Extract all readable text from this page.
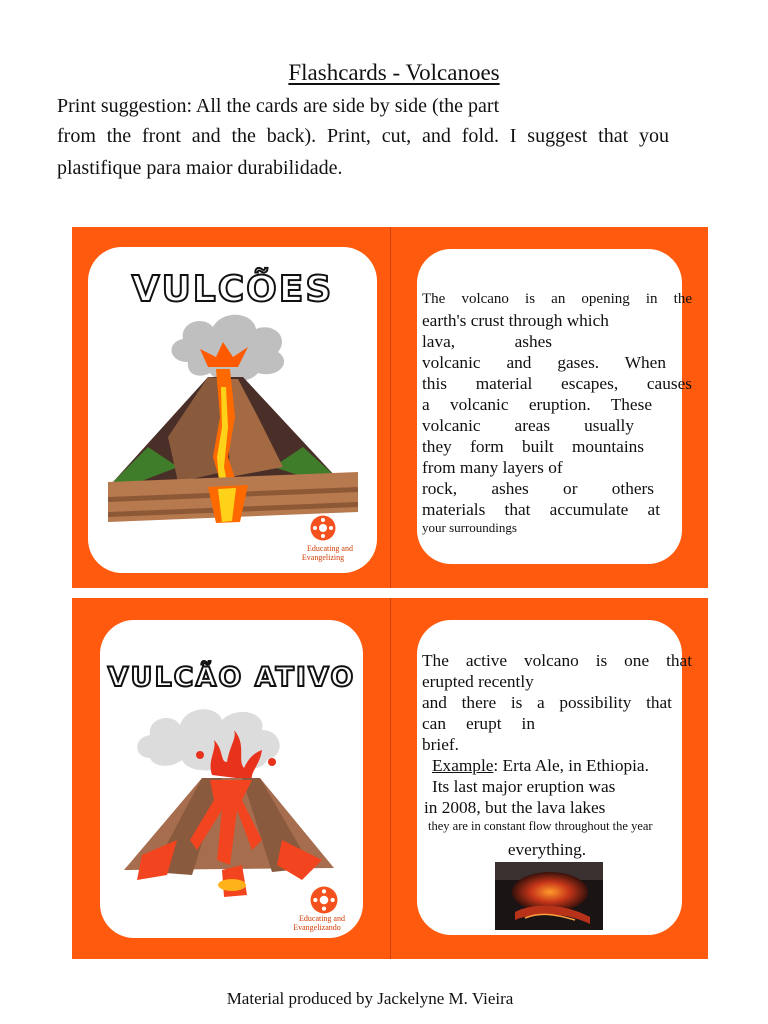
Flashcards - Volcanoes
Print suggestion: All the cards are side by side (the part
from the front and the back). Print, cut, and fold. I suggest that you
plastifique para maior durabilidade.
VULCÕES
Educating and
Evangelizing
The volcano is an opening in the
earth's crust through which
lava, ashes
volcanic and gases. When
this material escapes, causes
a volcanic eruption. These
volcanic areas usually
they form built mountains
from many layers of
rock, ashes or others
materials that accumulate at
your surroundings
VULCÃO ATIVO
Educating and
Evangelizando
The active volcano is one that
erupted recently
and there is a possibility that
can erupt in
brief.
Example: Erta Ale, in Ethiopia.
Its last major eruption was
in 2008, but the lava lakes
they are in constant flow throughout the year
everything.
Material produced by Jackelyne M. Vieira
